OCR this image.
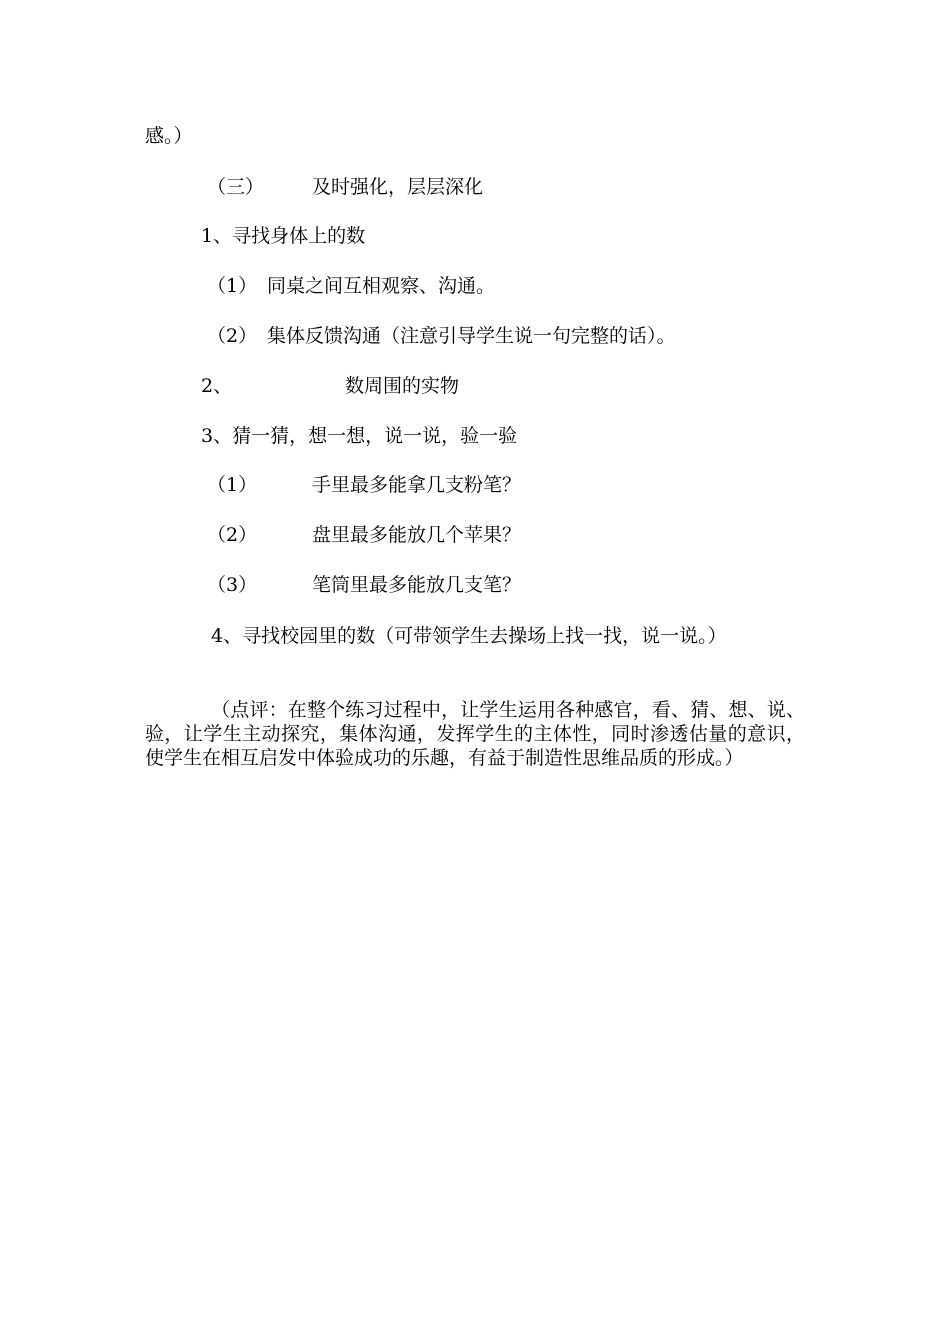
感。）
（三）	及时强化，层层深化
1、寻找身体上的数
（1） 同桌之间互相观察、沟通。
（2） 集体反馈沟通（注意引导学生说一句完整的话）。
2、	数周围的实物
3、猜一猜，想一想，说一说，验一验
（1）	手里最多能拿几支粉笔？
（2）	盘里最多能放几个苹果？
（3）	笔筒里最多能放几支笔？
4、寻找校园里的数（可带领学生去操场上找一找，说一说。）
（点评：在整个练习过程中，让学生运用各种感官，看、猜、想、说、验，让学生主动探究，集体沟通，发挥学生的主体性，同时渗透估量的意识，使学生在相互启发中体验成功的乐趣，有益于制造性思维品质的形成。）
